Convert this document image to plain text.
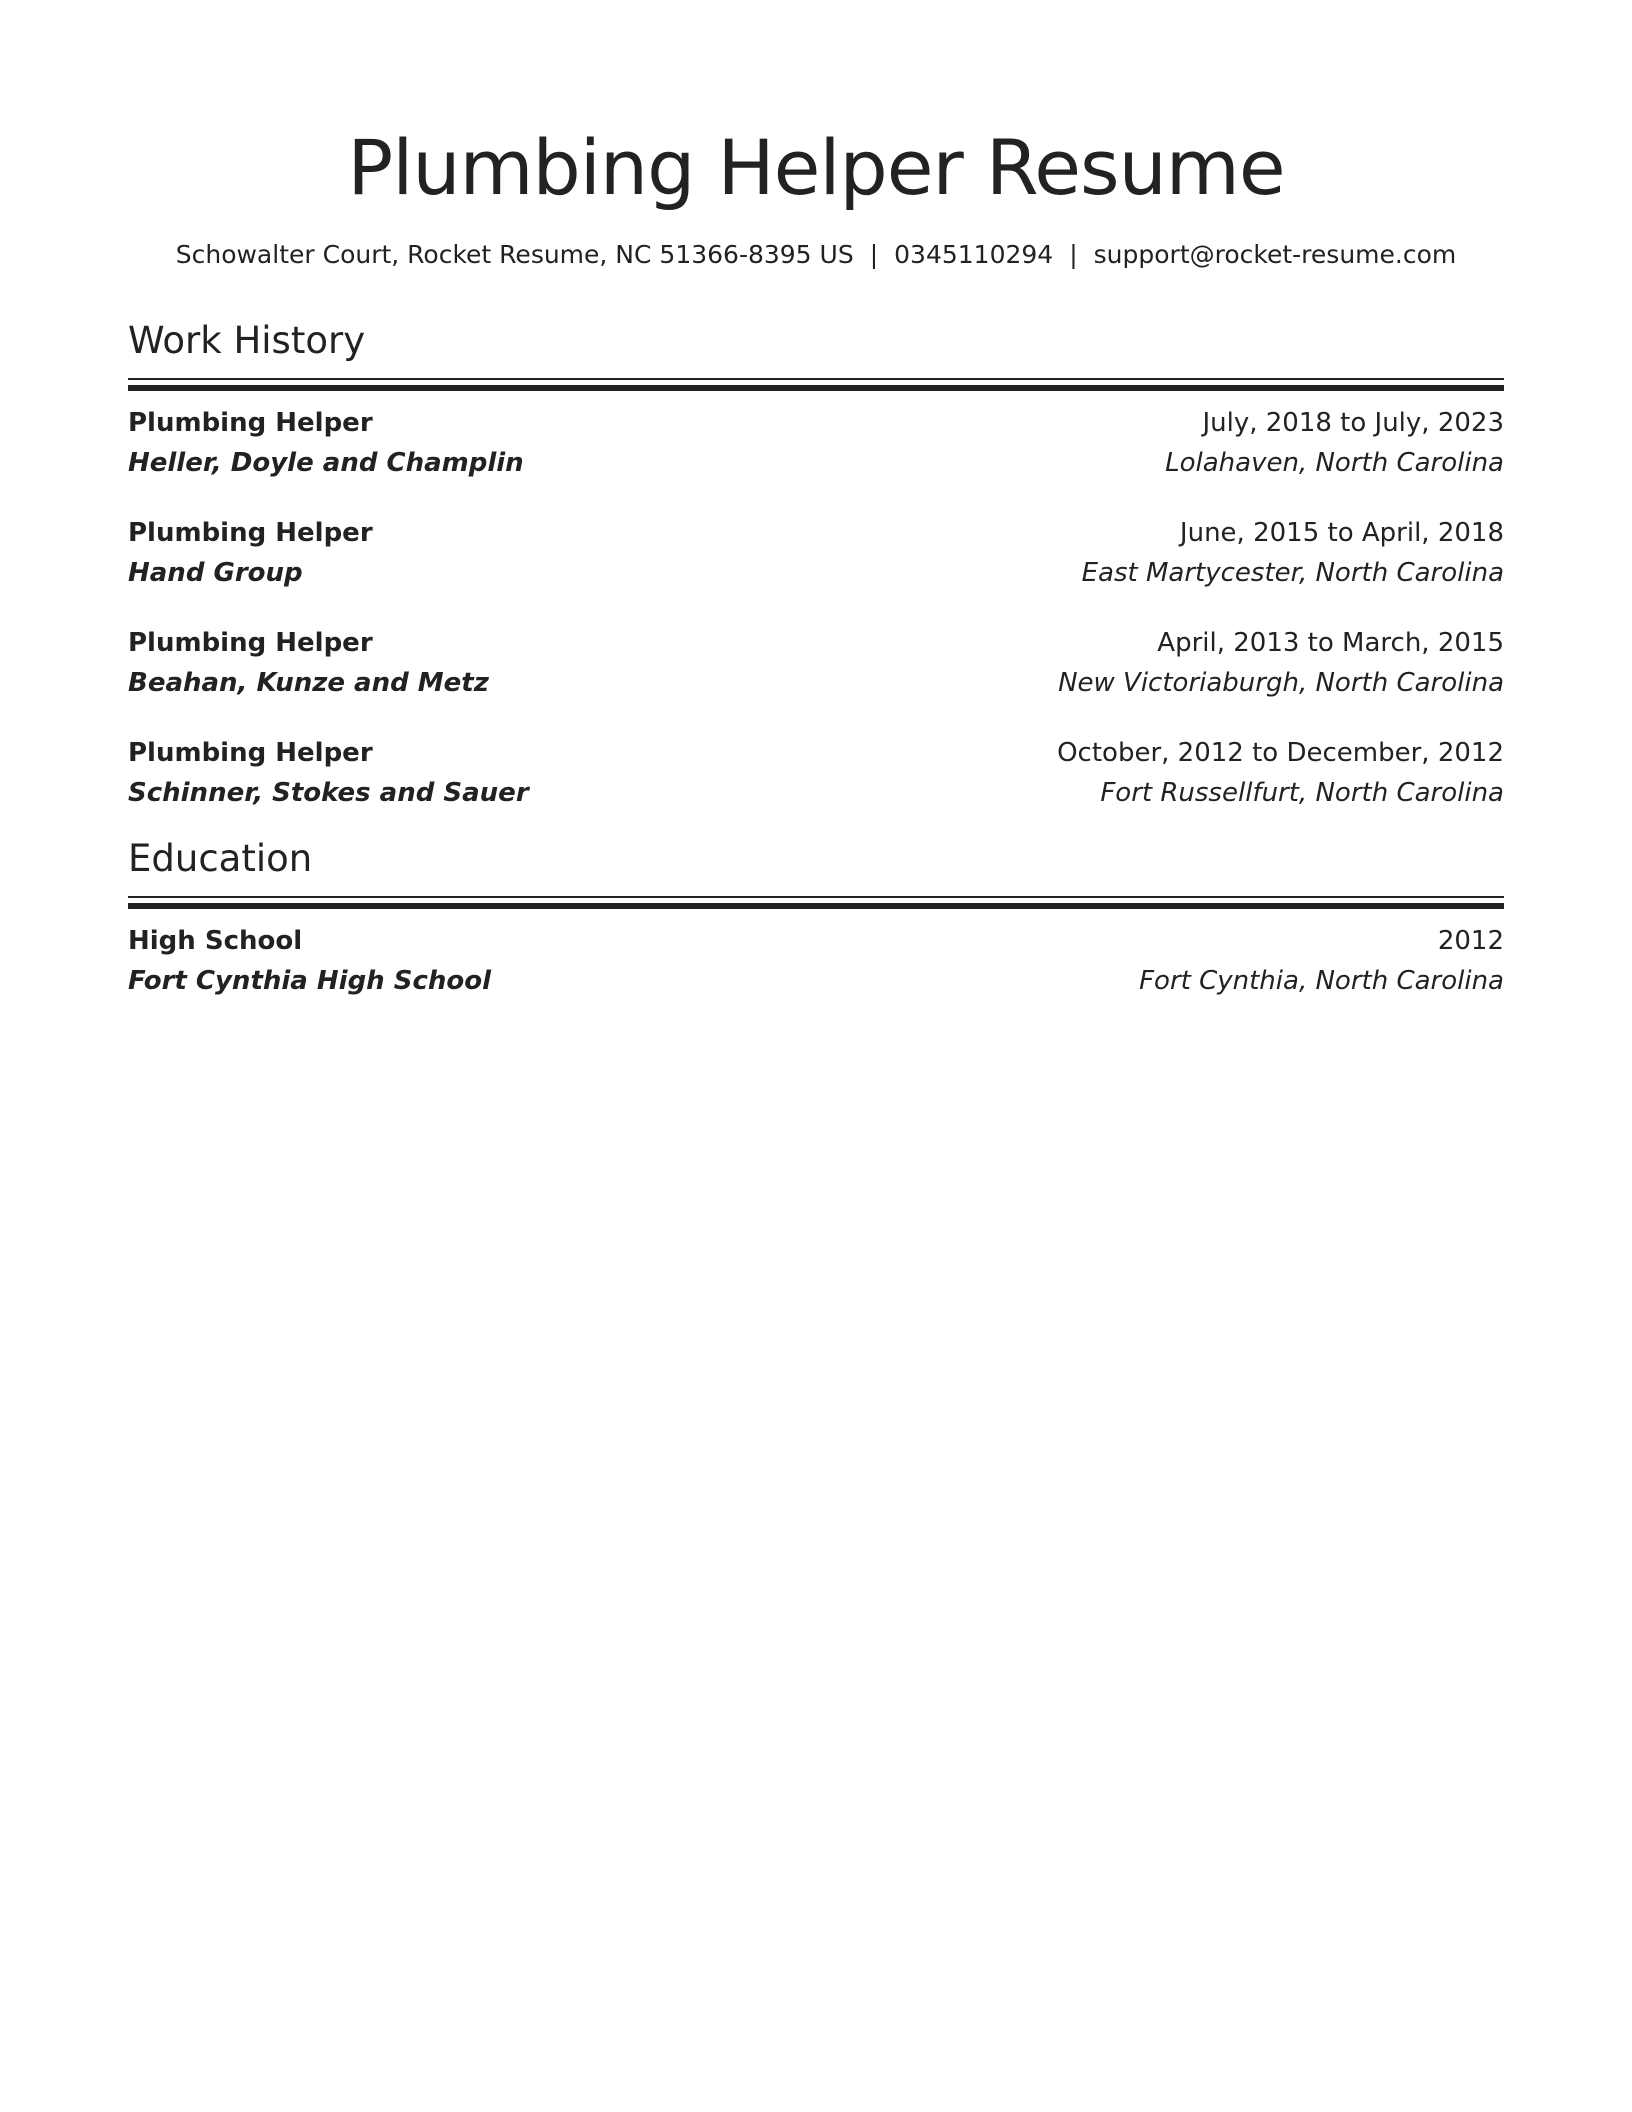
Plumbing Helper Resume
Schowalter Court, Rocket Resume, NC 51366-8395 US | 0345110294 | support@rocket-resume.com
Work History
Plumbing Helper	July, 2018 to July, 2023
Heller, Doyle and Champlin	Lolahaven, North Carolina
Plumbing Helper	June, 2015 to April, 2018
Hand Group	East Martycester, North Carolina
Plumbing Helper	April, 2013 to March, 2015
Beahan, Kunze and Metz	New Victoriaburgh, North Carolina
Plumbing Helper	October, 2012 to December, 2012
Schinner, Stokes and Sauer	Fort Russellfurt, North Carolina
Education
High School	2012
Fort Cynthia High School	Fort Cynthia, North Carolina
